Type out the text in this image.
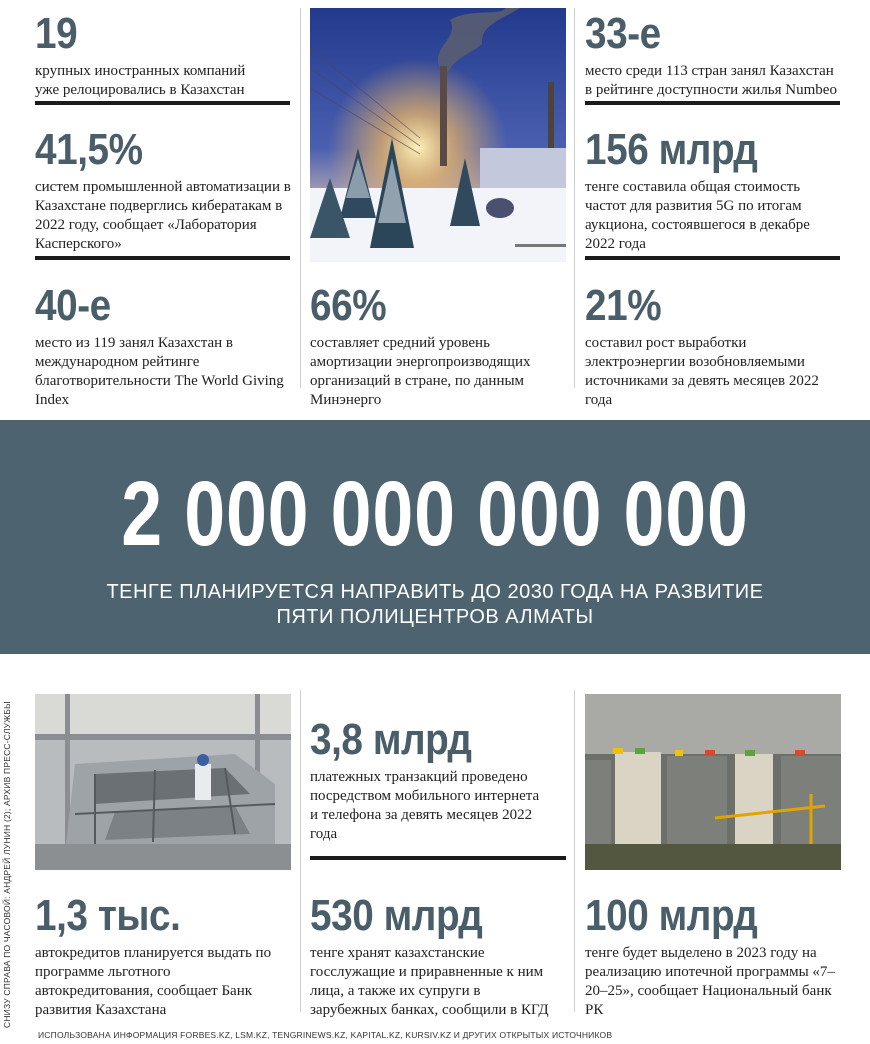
19
крупных иностранных компаний уже релоцировались в Казахстан
41,5%
систем промышленной автоматизации в Казахстане подверглись кибератакам в 2022 году, сообщает «Лаборатория Касперского»
40-е
место из 119 занял Казахстан в международном рейтинге благотворительности The World Giving Index
66%
составляет средний уровень амортизации энергопроизводящих организаций в стране, по данным Минэнерго
33-е
место среди 113 стран занял Казахстан в рейтинге доступности жилья Numbeo
156 млрд
тенге составила общая стоимость частот для развития 5G по итогам аукциона, состоявшегося в декабре 2022 года
21%
составил рост выработки электроэнергии возобновляемыми источниками за девять месяцев 2022 года
2 000 000 000 000
ТЕНГЕ ПЛАНИРУЕТСЯ НАПРАВИТЬ ДО 2030 ГОДА НА РАЗВИТИЕ
ПЯТИ ПОЛИЦЕНТРОВ АЛМАТЫ
1,3 тыс.
автокредитов планируется выдать по программе льготного автокредитования, сообщает Банк развития Казахстана
3,8 млрд
платежных транзакций проведено посредством мобильного интернета и телефона за девять месяцев 2022 года
530 млрд
тенге хранят казахстанские госслужащие и приравненные к ним лица, а также их супруги в зарубежных банках, сообщили в КГД
100 млрд
тенге будет выделено в 2023 году на реализацию ипотечной программы «7–20–25», сообщает Национальный банк РК
СНИЗУ СПРАВА ПО ЧАСОВОЙ: АНДРЕЙ ЛУНИН (2); АРХИВ ПРЕСС-СЛУЖБЫ
ИСПОЛЬЗОВАНА ИНФОРМАЦИЯ FORBES.KZ, LSM.KZ, TENGRINEWS.KZ, KAPITAL.KZ, KURSIV.KZ И ДРУГИХ ОТКРЫТЫХ ИСТОЧНИКОВ
